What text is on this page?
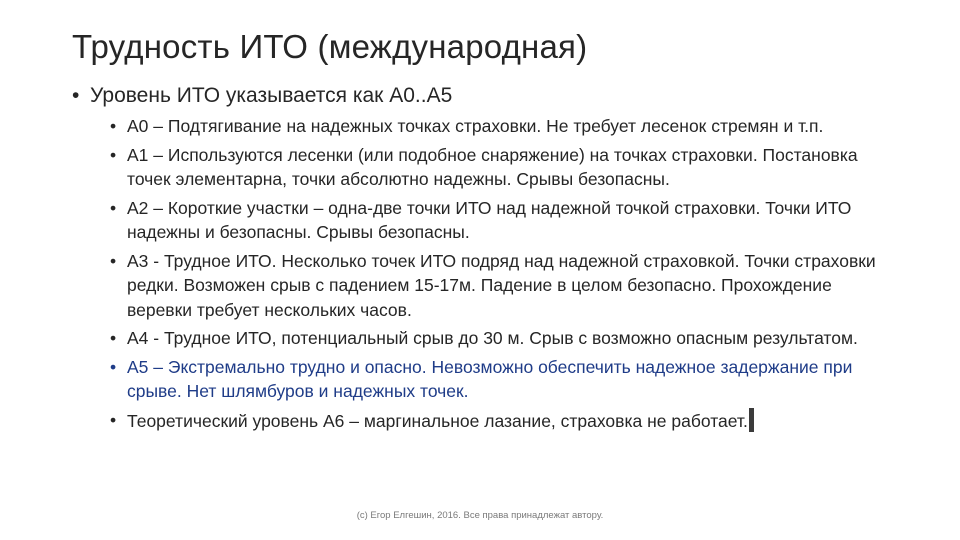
Трудность ИТО (международная)
• Уровень ИТО указывается как А0..А5
• А0 – Подтягивание на надежных точках страховки. Не требует лесенок стремян и т.п.
• А1 – Используются лесенки (или подобное снаряжение) на точках страховки. Постановка точек элементарна, точки абсолютно надежны. Срывы безопасны.
• А2 – Короткие участки – одна-две точки ИТО над надежной точкой страховки. Точки ИТО надежны и безопасны. Срывы безопасны.
• А3 - Трудное ИТО. Несколько точек ИТО подряд над надежной страховкой. Точки страховки редки. Возможен срыв с падением 15-17м. Падение в целом безопасно. Прохождение веревки требует нескольких часов.
• А4 - Трудное ИТО, потенциальный срыв до 30 м. Срыв с возможно опасным результатом.
• А5 – Экстремально трудно и опасно. Невозможно обеспечить надежное задержание при срыве. Нет шлямбуров и надежных точек.
• Теоретический уровень А6 – маргинальное лазание, страховка не работает.
(c) Егор Елгешин, 2016. Все права принадлежат автору.
